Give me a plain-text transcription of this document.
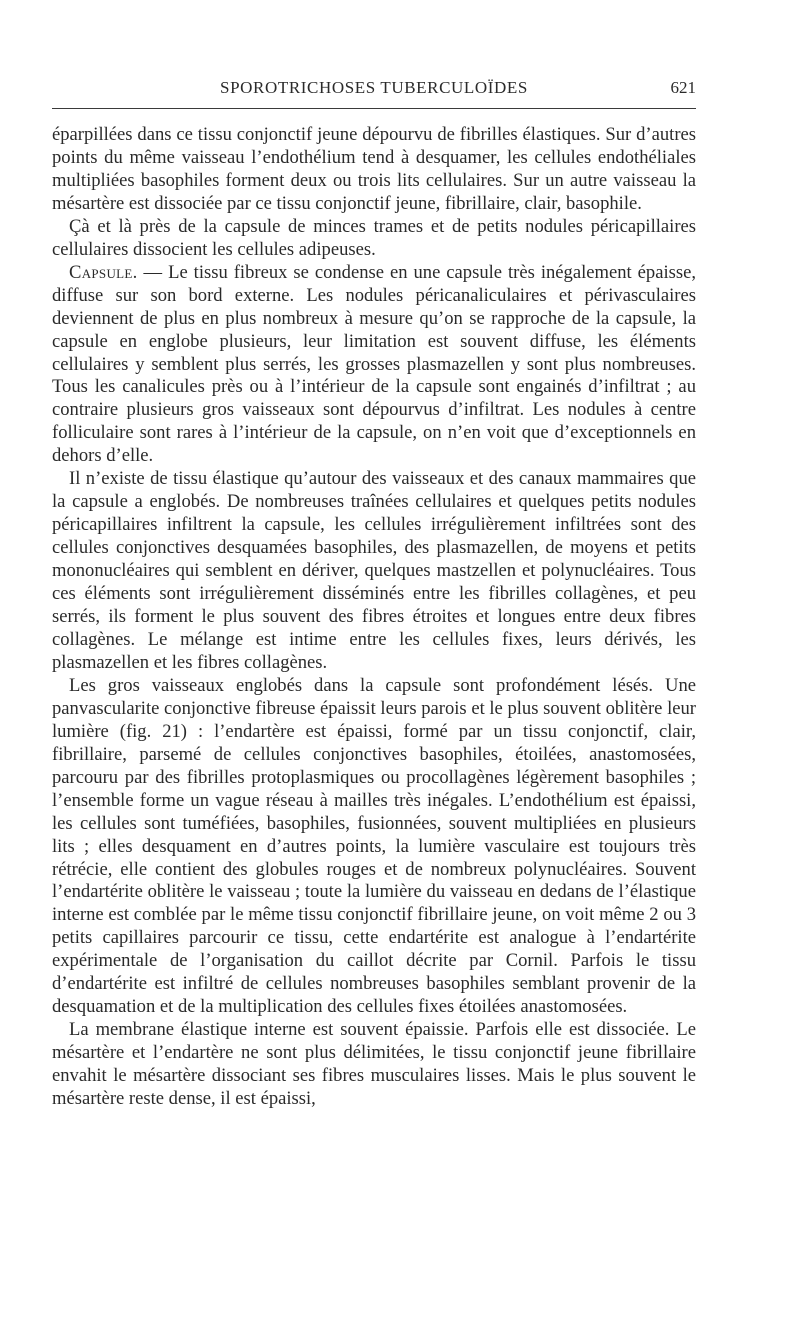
SPOROTRICHOSES TUBERCULOÏDES	621

éparpillées dans ce tissu conjonctif jeune dépourvu de fibrilles élastiques. Sur d’autres points du même vaisseau l’endothélium tend à desquamer, les cellules endothéliales multipliées basophiles forment deux ou trois lits cellulaires. Sur un autre vaisseau la mésartère est dissociée par ce tissu conjonctif jeune, fibrillaire, clair, basophile.

Çà et là près de la capsule de minces trames et de petits nodules péricapillaires cellulaires dissocient les cellules adipeuses.

Capsule. — Le tissu fibreux se condense en une capsule très inégalement épaisse, diffuse sur son bord externe. Les nodules péricanaliculaires et périvasculaires deviennent de plus en plus nombreux à mesure qu’on se rapproche de la capsule, la capsule en englobe plusieurs, leur limitation est souvent diffuse, les éléments cellulaires y semblent plus serrés, les grosses plasmazellen y sont plus nombreuses. Tous les canalicules près ou à l’intérieur de la capsule sont engainés d’infiltrat ; au contraire plusieurs gros vaisseaux sont dépourvus d’infiltrat. Les nodules à centre folliculaire sont rares à l’intérieur de la capsule, on n’en voit que d’exceptionnels en dehors d’elle.

Il n’existe de tissu élastique qu’autour des vaisseaux et des canaux mammaires que la capsule a englobés. De nombreuses traînées cellulaires et quelques petits nodules péricapillaires infiltrent la capsule, les cellules irrégulièrement infiltrées sont des cellules conjonctives desquamées basophiles, des plasmazellen, de moyens et petits mononucléaires qui semblent en dériver, quelques mastzellen et polynucléaires. Tous ces éléments sont irrégulièrement disséminés entre les fibrilles collagènes, et peu serrés, ils forment le plus souvent des fibres étroites et longues entre deux fibres collagènes. Le mélange est intime entre les cellules fixes, leurs dérivés, les plasmazellen et les fibres collagènes.

Les gros vaisseaux englobés dans la capsule sont profondément lésés. Une panvascularite conjonctive fibreuse épaissit leurs parois et le plus souvent oblitère leur lumière (fig. 21) : l’endartère est épaissi, formé par un tissu conjonctif, clair, fibrillaire, parsemé de cellules conjonctives basophiles, étoilées, anastomosées, parcouru par des fibrilles protoplasmiques ou procollagènes légèrement basophiles ; l’ensemble forme un vague réseau à mailles très inégales. L’endothélium est épaissi, les cellules sont tuméfiées, basophiles, fusionnées, souvent multipliées en plusieurs lits ; elles desquament en d’autres points, la lumière vasculaire est toujours très rétrécie, elle contient des globules rouges et de nombreux polynucléaires. Souvent l’endartérite oblitère le vaisseau ; toute la lumière du vaisseau en dedans de l’élastique interne est comblée par le même tissu conjonctif fibrillaire jeune, on voit même 2 ou 3 petits capillaires parcourir ce tissu, cette endartérite est analogue à l’endartérite expérimentale de l’organisation du caillot décrite par Cornil. Parfois le tissu d’endartérite est infiltré de cellules nombreuses basophiles semblant provenir de la desquamation et de la multiplication des cellules fixes étoilées anastomosées.

La membrane élastique interne est souvent épaissie. Parfois elle est dissociée. Le mésartère et l’endartère ne sont plus délimitées, le tissu conjonctif jeune fibrillaire envahit le mésartère dissociant ses fibres musculaires lisses. Mais le plus souvent le mésartère reste dense, il est épaissi,
